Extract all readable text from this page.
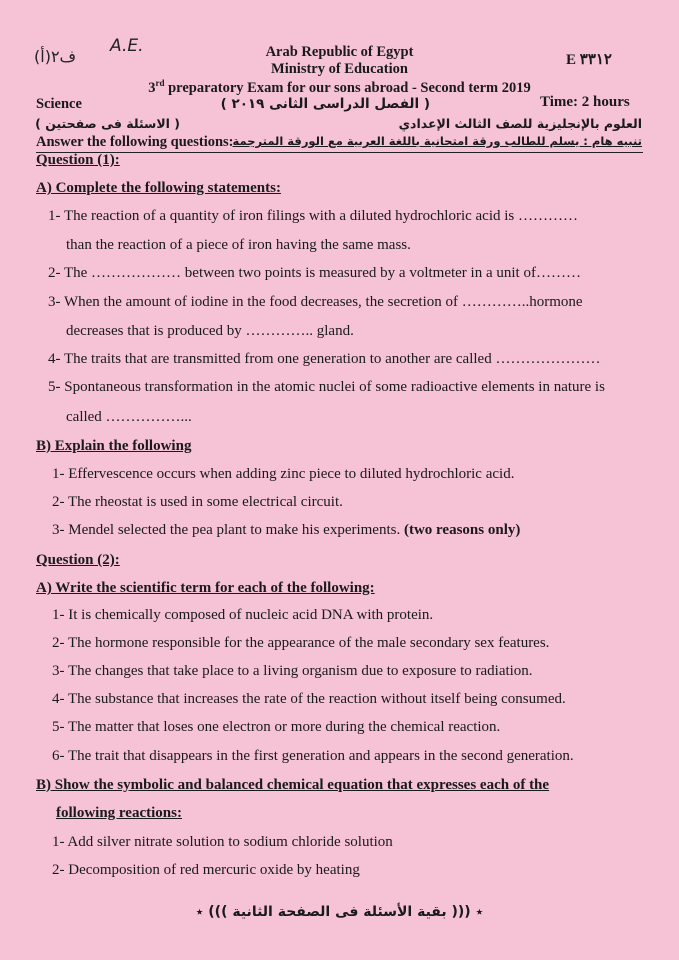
ف٢(أ)
A.E.
E ٣٣١٢
Arab Republic of Egypt
Ministry of Education
3rd preparatory Exam for our sons abroad - Second term 2019
Science	( الفصل الدراسى الثانى ٢٠١٩ )	Time: 2 hours
( الاسئلة فى صفحتين )	العلوم بالإنجليزية للصف الثالث الإعدادي
Answer the following questions: تنبيه هام : يسلم للطالب ورقة امتحانية باللغة العربية مع الورقة المترجمة
Question (1):
A) Complete the following statements:
1- The reaction of a quantity of iron filings with a diluted hydrochloric acid is …………
than the reaction of a piece of iron having the same mass.
2- The ……………… between two points is measured by a voltmeter in a unit of………
3- When the amount of iodine in the food decreases, the secretion of …………..hormone
decreases that is produced by ………….. gland.
4- The traits that are transmitted from one generation to another are called …………………
5- Spontaneous transformation in the atomic nuclei of some radioactive elements in nature is
called ……………...
B) Explain the following
1- Effervescence occurs when adding zinc piece to diluted hydrochloric acid.
2- The rheostat is used in some electrical circuit.
3- Mendel selected the pea plant to make his experiments. (two reasons only)
Question (2):
A) Write the scientific term for each of the following:
1- It is chemically composed of nucleic acid DNA with protein.
2- The hormone responsible for the appearance of the male secondary sex features.
3- The changes that take place to a living organism due to exposure to radiation.
4- The substance that increases the rate of the reaction without itself being consumed.
5- The matter that loses one electron or more during the chemical reaction.
6- The trait that disappears in the first generation and appears in the second generation.
B) Show the symbolic and balanced chemical equation that expresses each of the
following reactions:
1- Add silver nitrate solution to sodium chloride solution
2- Decomposition of red mercuric oxide by heating
٭ ((( بقية الأسئلة فى الصفحة الثانية ))) ٭
